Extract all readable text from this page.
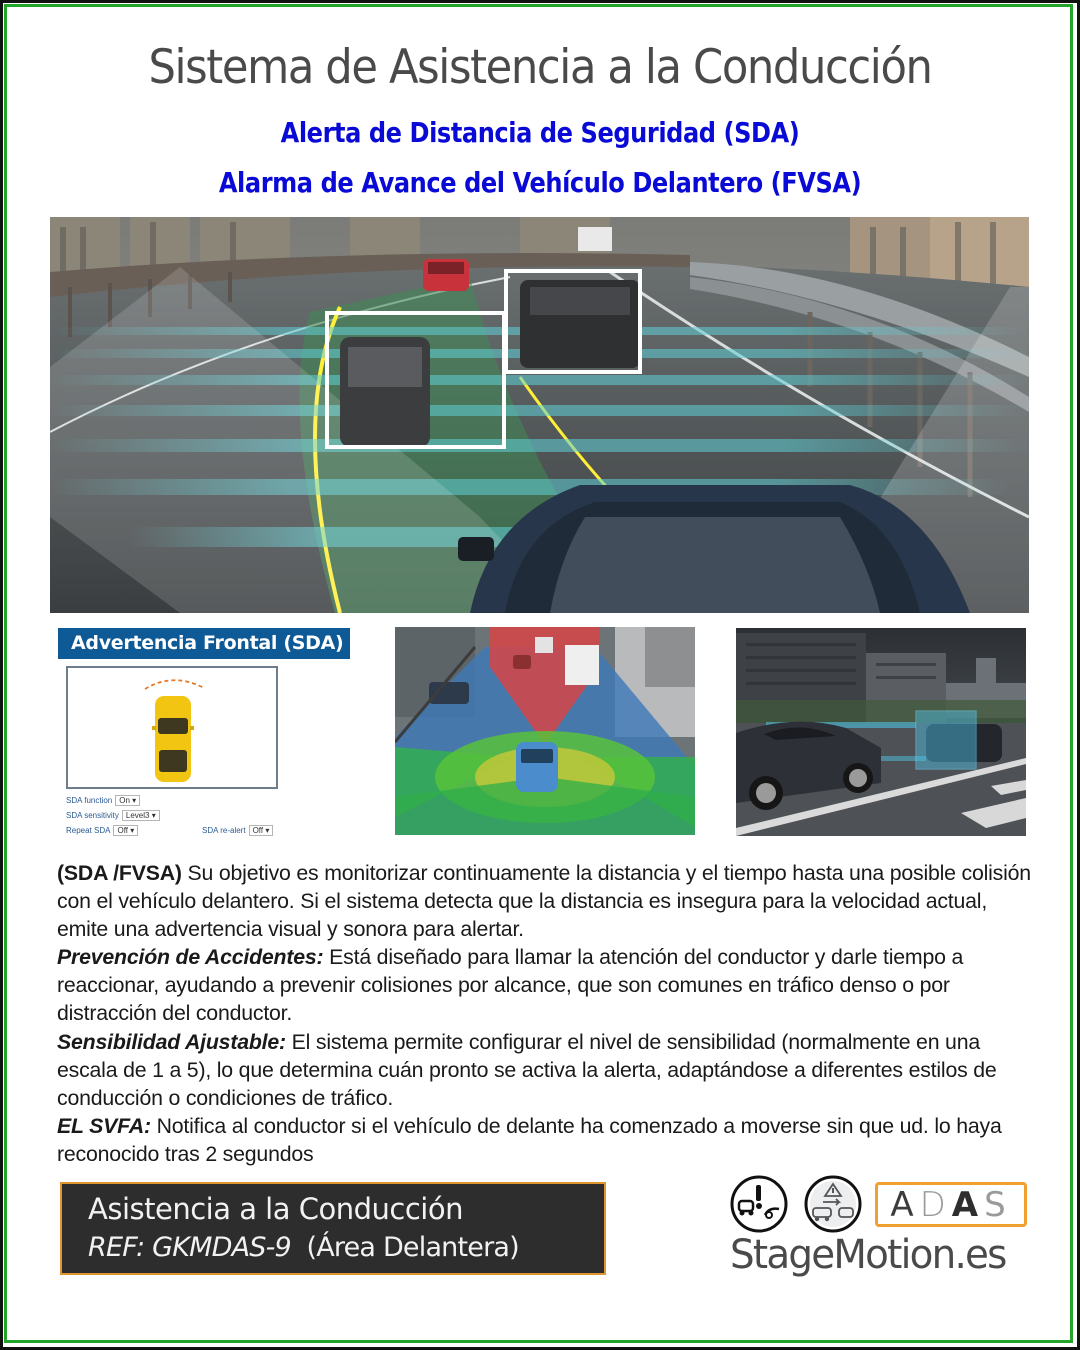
Sistema de Asistencia a la Conducción
Alerta de Distancia de Seguridad (SDA)
Alarma de Avance del Vehículo Delantero (FVSA)
Advertencia Frontal (SDA)
SDA function On ▾
SDA sensitivity Level3 ▾
Repeat SDA Off ▾	SDA re-alert Off ▾

(SDA /FVSA) Su objetivo es monitorizar continuamente la distancia y el tiempo hasta una posible colisión con el vehículo delantero. Si el sistema detecta que la distancia es insegura para la velocidad actual, emite una advertencia visual y sonora para alertar.

Prevención de Accidentes: Está diseñado para llamar la atención del conductor y darle tiempo a reaccionar, ayudando a prevenir colisiones por alcance, que son comunes en tráfico denso o por distracción del conductor.

Sensibilidad Ajustable: El sistema permite configurar el nivel de sensibilidad (normalmente en una escala de 1 a 5), lo que determina cuán pronto se activa la alerta, adaptándose a diferentes estilos de conducción o condiciones de tráfico.

EL SVFA: Notifica al conductor si el vehículo de delante ha comenzado a moverse sin que ud. lo haya reconocido tras 2 segundos

Asistencia a la Conducción
REF: GKMDAS-9  (Área Delantera)
A D A S
StageMotion.es
